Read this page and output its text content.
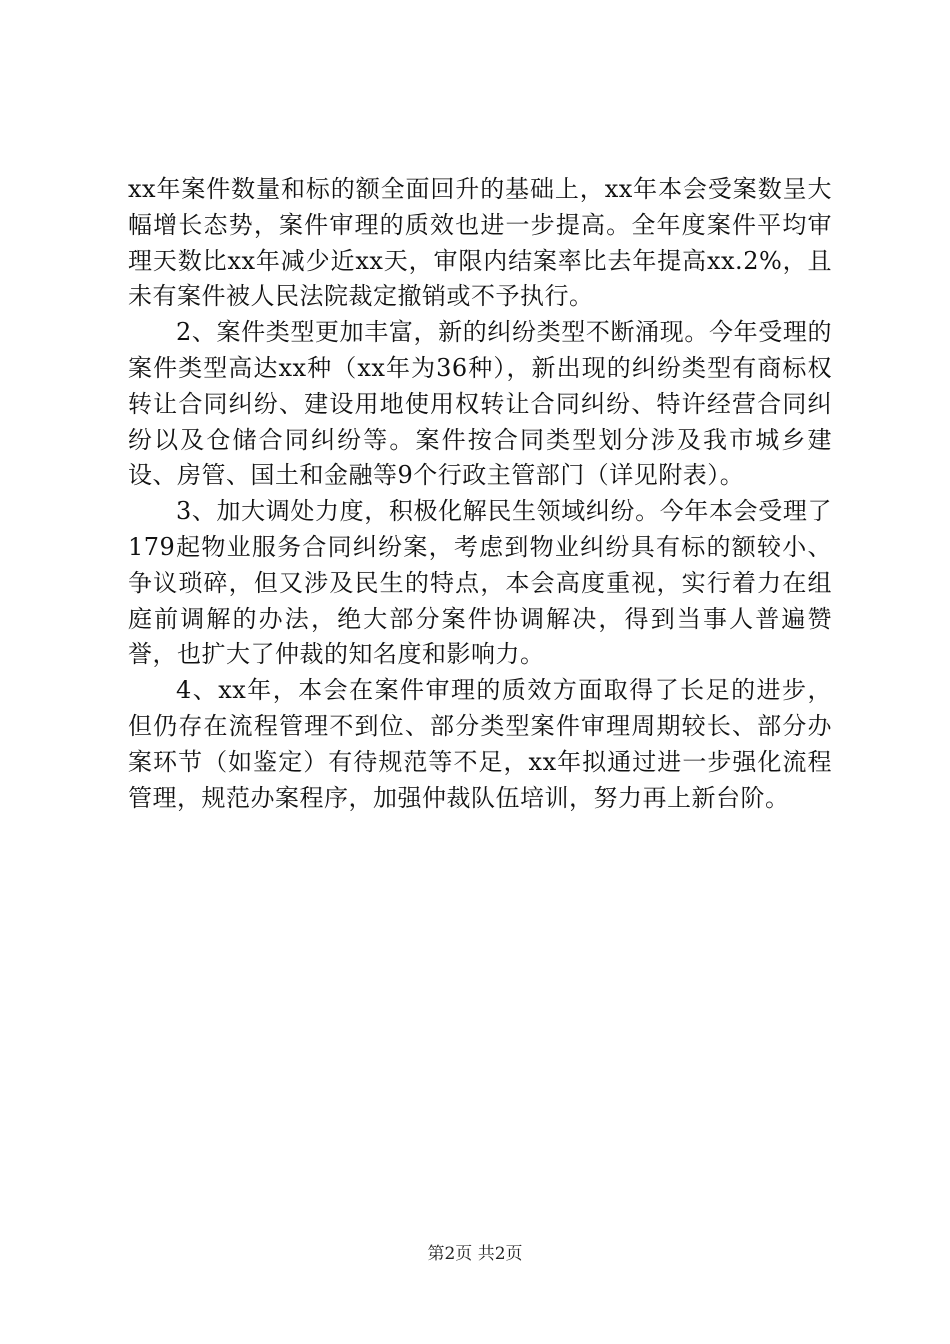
xx年案件数量和标的额全面回升的基础上，xx年本会受案数呈大幅增长态势，案件审理的质效也进一步提高。全年度案件平均审理天数比xx年减少近xx天，审限内结案率比去年提高xx.2%，且未有案件被人民法院裁定撤销或不予执行。

2、案件类型更加丰富，新的纠纷类型不断涌现。今年受理的案件类型高达xx种（xx年为36种），新出现的纠纷类型有商标权转让合同纠纷、建设用地使用权转让合同纠纷、特许经营合同纠纷以及仓储合同纠纷等。案件按合同类型划分涉及我市城乡建设、房管、国土和金融等9个行政主管部门（详见附表）。

3、加大调处力度，积极化解民生领域纠纷。今年本会受理了179起物业服务合同纠纷案，考虑到物业纠纷具有标的额较小、争议琐碎，但又涉及民生的特点，本会高度重视，实行着力在组庭前调解的办法，绝大部分案件协调解决，得到当事人普遍赞誉，也扩大了仲裁的知名度和影响力。

4、xx年，本会在案件审理的质效方面取得了长足的进步，但仍存在流程管理不到位、部分类型案件审理周期较长、部分办案环节（如鉴定）有待规范等不足，xx年拟通过进一步强化流程管理，规范办案程序，加强仲裁队伍培训，努力再上新台阶。

第2页 共2页
